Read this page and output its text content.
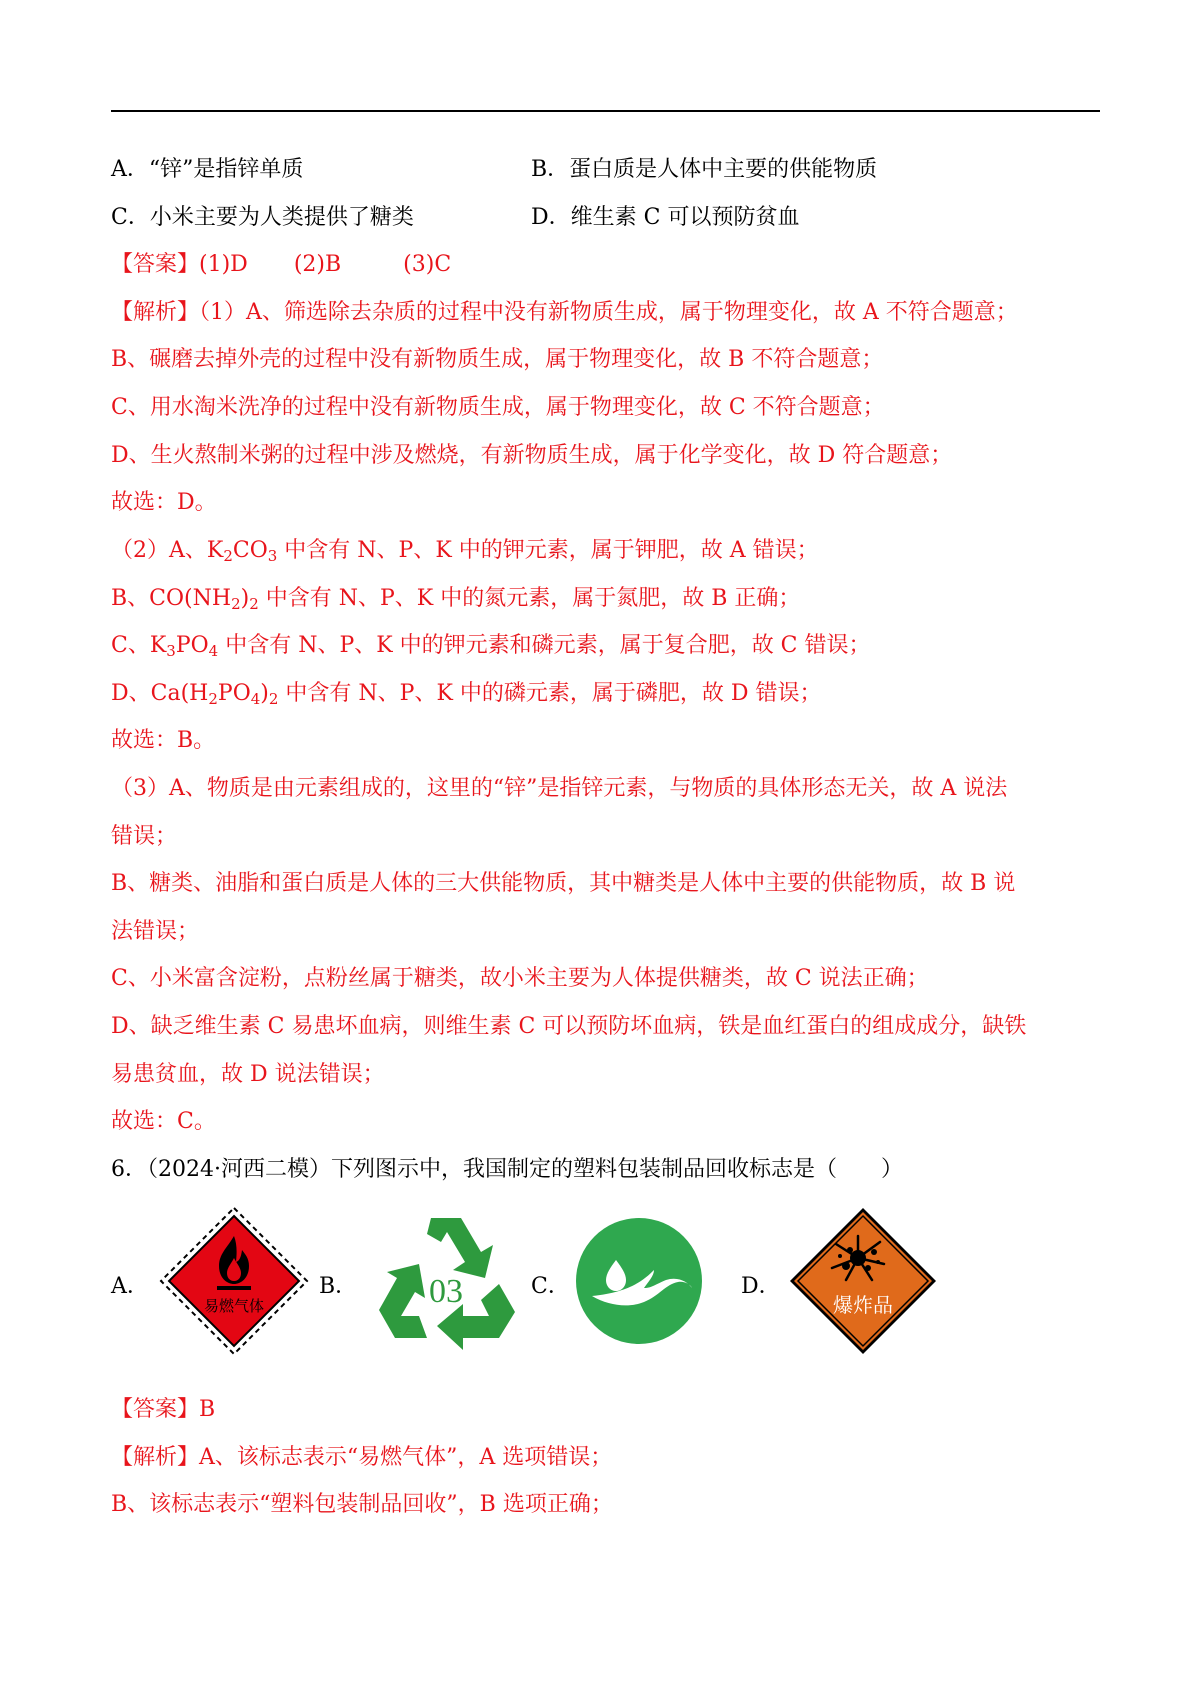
A．“锌”是指锌单质	B．蛋白质是人体中主要的供能物质
C．小米主要为人类提供了糖类	D．维生素 C 可以预防贫血
【答案】(1)D (2)B	(3)C
【解析】（1）A、筛选除去杂质的过程中没有新物质生成，属于物理变化，故 A 不符合题意；
B、碾磨去掉外壳的过程中没有新物质生成，属于物理变化，故 B 不符合题意；
C、用水淘米洗净的过程中没有新物质生成，属于物理变化，故 C 不符合题意；
D、生火熬制米粥的过程中涉及燃烧，有新物质生成，属于化学变化，故 D 符合题意；
故选：D。
（2）A、$K_2CO_3$ 中含有 N、P、K 中的钾元素，属于钾肥，故 A 错误；
B、$CO(NH_2)_2$ 中含有 N、P、K 中的氮元素，属于氮肥，故 B 正确；
C、$K_3PO_4$ 中含有 N、P、K 中的钾元素和磷元素，属于复合肥，故 C 错误；
D、$Ca(H_2PO_4)_2$ 中含有 N、P、K 中的磷元素，属于磷肥，故 D 错误；
故选：B。
（3）A、物质是由元素组成的，这里的“锌”是指锌元素，与物质的具体形态无关，故 A 说法
错误；
B、糖类、油脂和蛋白质是人体的三大供能物质，其中糖类是人体中主要的供能物质，故 B 说
法错误；
C、小米富含淀粉，点粉丝属于糖类，故小米主要为人体提供糖类，故 C 说法正确；
D、缺乏维生素 C 易患坏血病，则维生素 C 可以预防坏血病，铁是血红蛋白的组成成分，缺铁
易患贫血，故 D 说法错误；
故选：C。
6．（2024·河西二模）下列图示中，我国制定的塑料包装制品回收标志是（　　）
A．
易燃气体
B． 03	C．	D．
爆炸品
【答案】B
【解析】A、该标志表示“易燃气体”，A 选项错误；
B、该标志表示“塑料包装制品回收”，B 选项正确；
